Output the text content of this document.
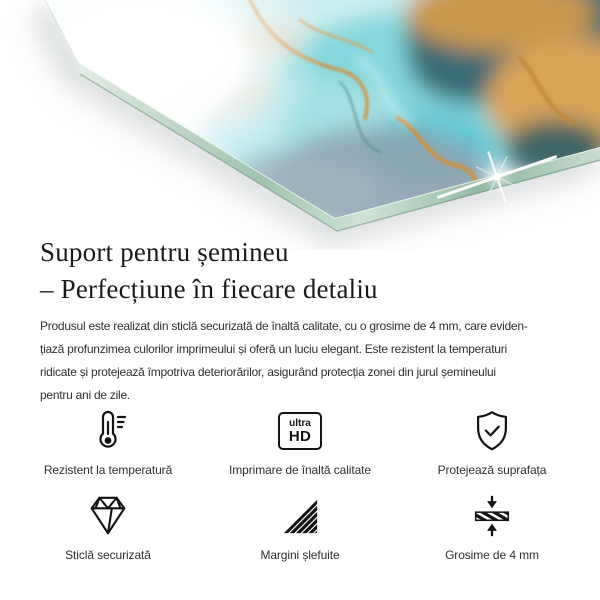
Suport pentru șemineu
– Perfecțiune în fiecare detaliu
Produsul este realizat din sticlă securizată de înaltă calitate, cu o grosime de 4 mm, care eviden-
țiază profunzimea culorilor imprimeului și oferă un luciu elegant. Este rezistent la temperaturi
ridicate și protejează împotriva deteriorărilor, asigurând protecția zonei din jurul șemineului
pentru ani de zile.
Rezistent la temperatură
ultra
HD
Imprimare de înaltă calitate	Protejează suprafața
Sticlă securizată	Margini șlefuite	Grosime de 4 mm
